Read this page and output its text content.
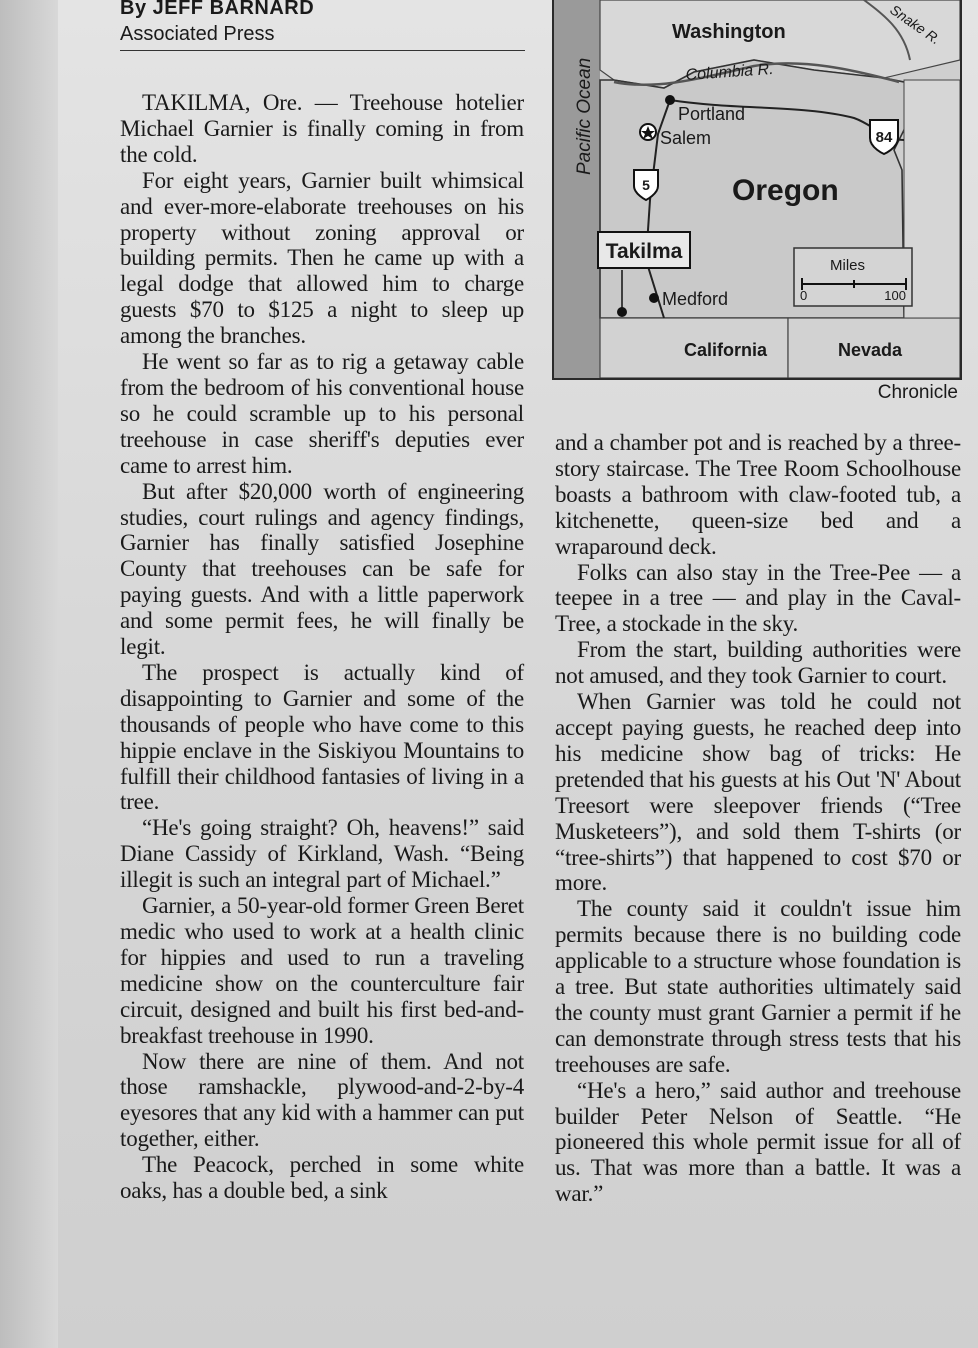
By JEFF BARNARD
Associated Press

TAKILMA, Ore. — Treehouse hotelier Michael Garnier is finally coming in from the cold.

For eight years, Garnier built whimsical and ever-more-elaborate treehouses on his property without zoning approval or building permits. Then he came up with a legal dodge that allowed him to charge guests $70 to $125 a night to sleep up among the branches.

He went so far as to rig a getaway cable from the bedroom of his conventional house so he could scramble up to his personal treehouse in case sheriff's deputies ever came to arrest him.

But after $20,000 worth of engineering studies, court rulings and agency findings, Garnier has finally satisfied Josephine County that treehouses can be safe for paying guests. And with a little paperwork and some permit fees, he will finally be legit.

The prospect is actually kind of disappointing to Garnier and some of the thousands of people who have come to this hippie enclave in the Siskiyou Mountains to fulfill their childhood fantasies of living in a tree.

“He's going straight? Oh, heavens!” said Diane Cassidy of Kirkland, Wash. “Being illegit is such an integral part of Michael.”

Garnier, a 50-year-old former Green Beret medic who used to work at a health clinic for hippies and used to run a traveling medicine show on the counterculture fair circuit, designed and built his first bed-and-breakfast treehouse in 1990.

Now there are nine of them. And not those ramshackle, plywood-and-2-by-4 eyesores that any kid with a hammer can put together, either.

The Peacock, perched in some white oaks, has a double bed, a sink

Pacific Ocean
Washington
Columbia R.
Snake R.
Portland
Salem	84
5	Oregon
Takilma
Medford
Miles
0	100
California	Nevada
Chronicle

and a chamber pot and is reached by a three-story staircase. The Tree Room Schoolhouse boasts a bathroom with claw-footed tub, a kitchenette, queen-size bed and a wraparound deck.

Folks can also stay in the Tree-Pee — a teepee in a tree — and play in the Caval-Tree, a stockade in the sky.

From the start, building authorities were not amused, and they took Garnier to court.

When Garnier was told he could not accept paying guests, he reached deep into his medicine show bag of tricks: He pretended that his guests at his Out 'N' About Treesort were sleepover friends (“Tree Musketeers”), and sold them T-shirts (or “tree-shirts”) that happened to cost $70 or more.

The county said it couldn't issue him permits because there is no building code applicable to a structure whose foundation is a tree. But state authorities ultimately said the county must grant Garnier a permit if he can demonstrate through stress tests that his treehouses are safe.

“He's a hero,” said author and treehouse builder Peter Nelson of Seattle. “He pioneered this whole permit issue for all of us. That was more than a battle. It was a war.”
